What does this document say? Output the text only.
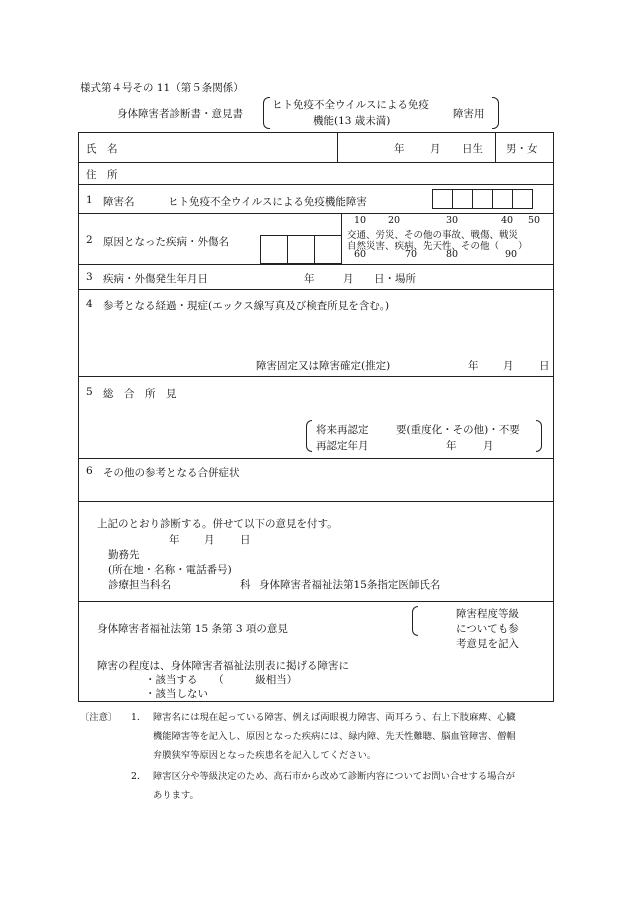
様式第４号その 11（第５条関係）
身体障害者診断書・意見書
ヒト免疫不全ウイルスによる免疫
機能(13 歳未満)
障害用
氏　名	年 月 日生 男・女
住　所
1 障害名	ヒト免疫不全ウイルスによる免疫機能障害
2 原因となった疾病・外傷名
10 20	30	40 50
交通、労災、その他の事故、戦傷、戦災
自然災害、疾病、先天性、その他（　　）
60	70	80	90
3 疾病・外傷発生年月日	年	月 日・場所
4 参考となる経過・現症(エックス線写真及び検査所見を含む。)
障害固定又は障害確定(推定)	年 月 日
5 総　合　所　見
将来再認定	要(重度化・その他)・不要
再認定年月	年	月
6 その他の参考となる合併症状
上記のとおり診断する。併せて以下の意見を付す。
年 月 日
勤務先
(所在地・名称・電話番号)
診療担当科名	科 身体障害者福祉法第15条指定医師氏名
身体障害者福祉法第 15 条第 3 項の意見
障害程度等級
についても参
考意見を記入
障害の程度は、身体障害者福祉法別表に掲げる障害に
・該当する　　（　　　級相当）
・該当しない
〔注意〕 1. 障害名には現在起っている障害、例えば両眼視力障害、両耳ろう、右上下肢麻痺、心臓
機能障害等を記入し、原因となった疾病には、緑内障、先天性難聴、脳血管障害、僧帽
弁膜狭窄等原因となった疾患名を記入してください。
2. 障害区分や等級決定のため、高石市から改めて診断内容についてお問い合せする場合が
あります。
